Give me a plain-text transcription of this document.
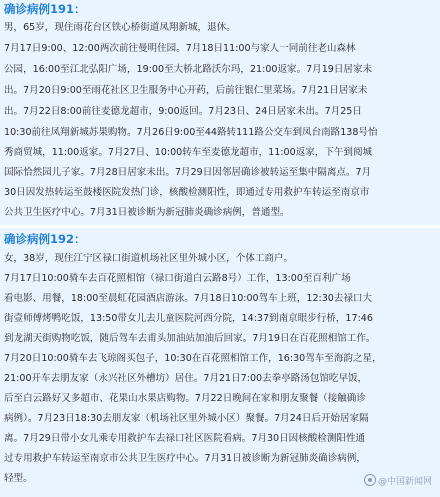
确诊病例191：
男，65岁，现住雨花台区铁心桥街道凤翔新城，退休。
7月17日9:00、12:00两次前往曼明住园。7月18日11:00与家人一同前往老山森林
公园，16:00至江北弘阳广场，19:00至大桥北路沃尔玛，21:00返家。7月19日居家未
出。7月20日9:00至雨花社区卫生服务中心开药，后前往银仁里菜场。7月21日居家未
出。7月22日8:00前往麦德龙超市，9:00返回。7月23日、24日居家未出。7月25日
10:30前往凤翔新城苏果购物。7月26日9:00至44路转111路公交车到凤台南路138号怡
秀商贸城，11:00返家。7月27日、10:00转车至麦德龙超市，11:00返家，下午到阅城
国际恰然园儿子家。7月28日居家未出。7月29日因邻居确诊被转运至集中隔离点。7月
30日因发热转运至鼓楼医院发热门诊，核酸检测阳性，即通过专用救护车转运至南京市
公共卫生医疗中心。7月31日被诊断为新冠肺炎确诊病例，普通型。
确诊病例192：
女，38岁，现住江宁区禄口街道机场社区里外城小区，个体工商户。
7月17日10:00骑车去百花照相馆（禄口街道白云路8号）工作，13:00至百利广场
看电影、用餐，18:00至晨虹花园酒店游泳。7月18日10:00驾车上班，12:30去禄口大
街壹师傅烤鸭吃饭，13:50带女儿去儿童医院河西分院，14:37到南京眼步行桥，17:46
到龙湖天街购物吃饭，随后驾车去甫头加油站加油后回家。7月19日在百花照相馆工作。
7月20日10:00骑车去飞琼阁买包子，10:30在百花照相馆工作，16:30驾车至海韵之星，
21:00开车去朋友家（永兴社区外槽坊）居住。7月21日7:00去拳亭路汤包馆吃早饭，
后至白云路好又多超市、花果山水果店购物。7月22日晚间在家和朋友聚餐（接触确诊
病例）。7月23日18:30去朋友家（机场社区里外城小区）聚餐。7月24日后开始居家隔
离。7月29日带小女儿乘专用救护车去禄口社区医院看病。7月30日因核酸检测阳性通
过专用救护车转运至南京市公共卫生医疗中心。7月31日被诊断为新冠肺炎确诊病例，
轻型。	@中国新闻网
